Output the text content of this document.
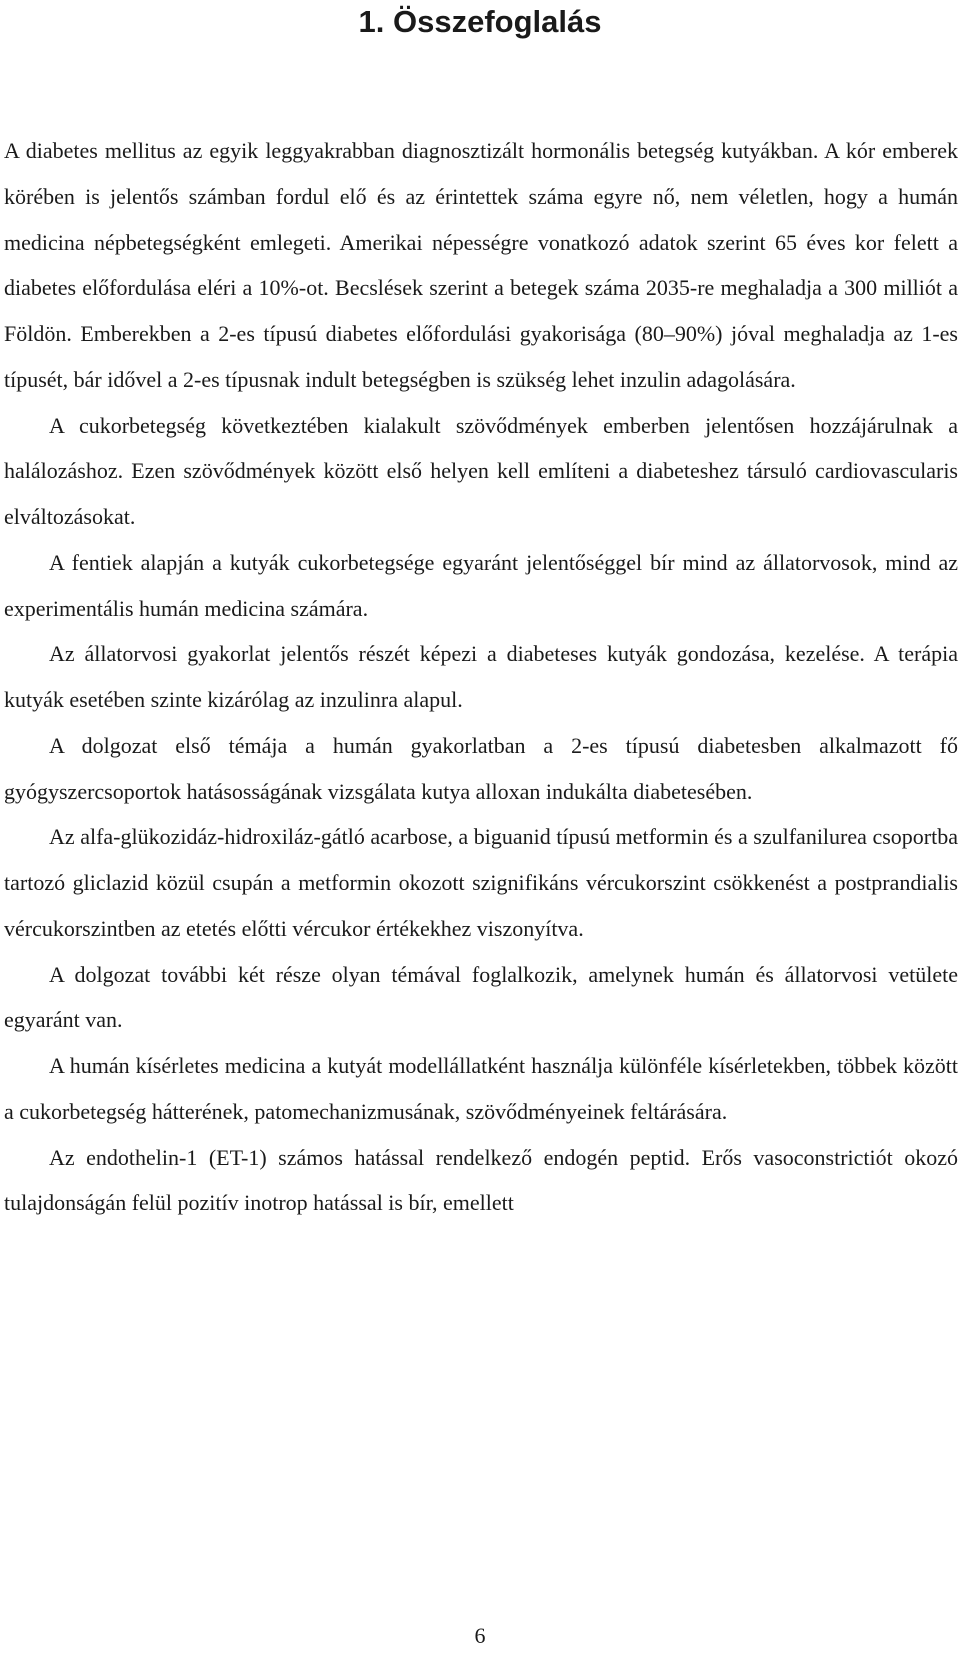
1. Összefoglalás

A diabetes mellitus az egyik leggyakrabban diagnosztizált hormonális betegség kutyákban. A kór emberek körében is jelentős számban fordul elő és az érintettek száma egyre nő, nem véletlen, hogy a humán medicina népbetegségként emlegeti. Amerikai népességre vonatkozó adatok szerint 65 éves kor felett a diabetes előfordulása eléri a 10%-ot. Becslések szerint a betegek száma 2035-re meghaladja a 300 milliót a Földön. Emberekben a 2-es típusú diabetes előfordulási gyakorisága (80–90%) jóval meghaladja az 1-es típusét, bár idővel a 2-es típusnak indult betegségben is szükség lehet inzulin adagolására.

A cukorbetegség következtében kialakult szövődmények emberben jelentősen hozzájárulnak a halálozáshoz. Ezen szövődmények között első helyen kell említeni a diabeteshez társuló cardiovascularis elváltozásokat.

A fentiek alapján a kutyák cukorbetegsége egyaránt jelentőséggel bír mind az állatorvosok, mind az experimentális humán medicina számára.

Az állatorvosi gyakorlat jelentős részét képezi a diabeteses kutyák gondozása, kezelése. A terápia kutyák esetében szinte kizárólag az inzulinra alapul.

A dolgozat első témája a humán gyakorlatban a 2-es típusú diabetesben alkalmazott fő gyógyszercsoportok hatásosságának vizsgálata kutya alloxan indukálta diabetesében.

Az alfa-glükozidáz-hidroxiláz-gátló acarbose, a biguanid típusú metformin és a szulfanilurea csoportba tartozó gliclazid közül csupán a metformin okozott szignifikáns vércukorszint csökkenést a postprandialis vércukorszintben az etetés előtti vércukor értékekhez viszonyítva.

A dolgozat további két része olyan témával foglalkozik, amelynek humán és állatorvosi vetülete egyaránt van.

A humán kísérletes medicina a kutyát modellállatként használja különféle kísérletekben, többek között a cukorbetegség hátterének, patomechanizmusának, szövődményeinek feltárására.

Az endothelin-1 (ET-1) számos hatással rendelkező endogén peptid. Erős vasoconstrictiót okozó tulajdonságán felül pozitív inotrop hatással is bír, emellett

6
